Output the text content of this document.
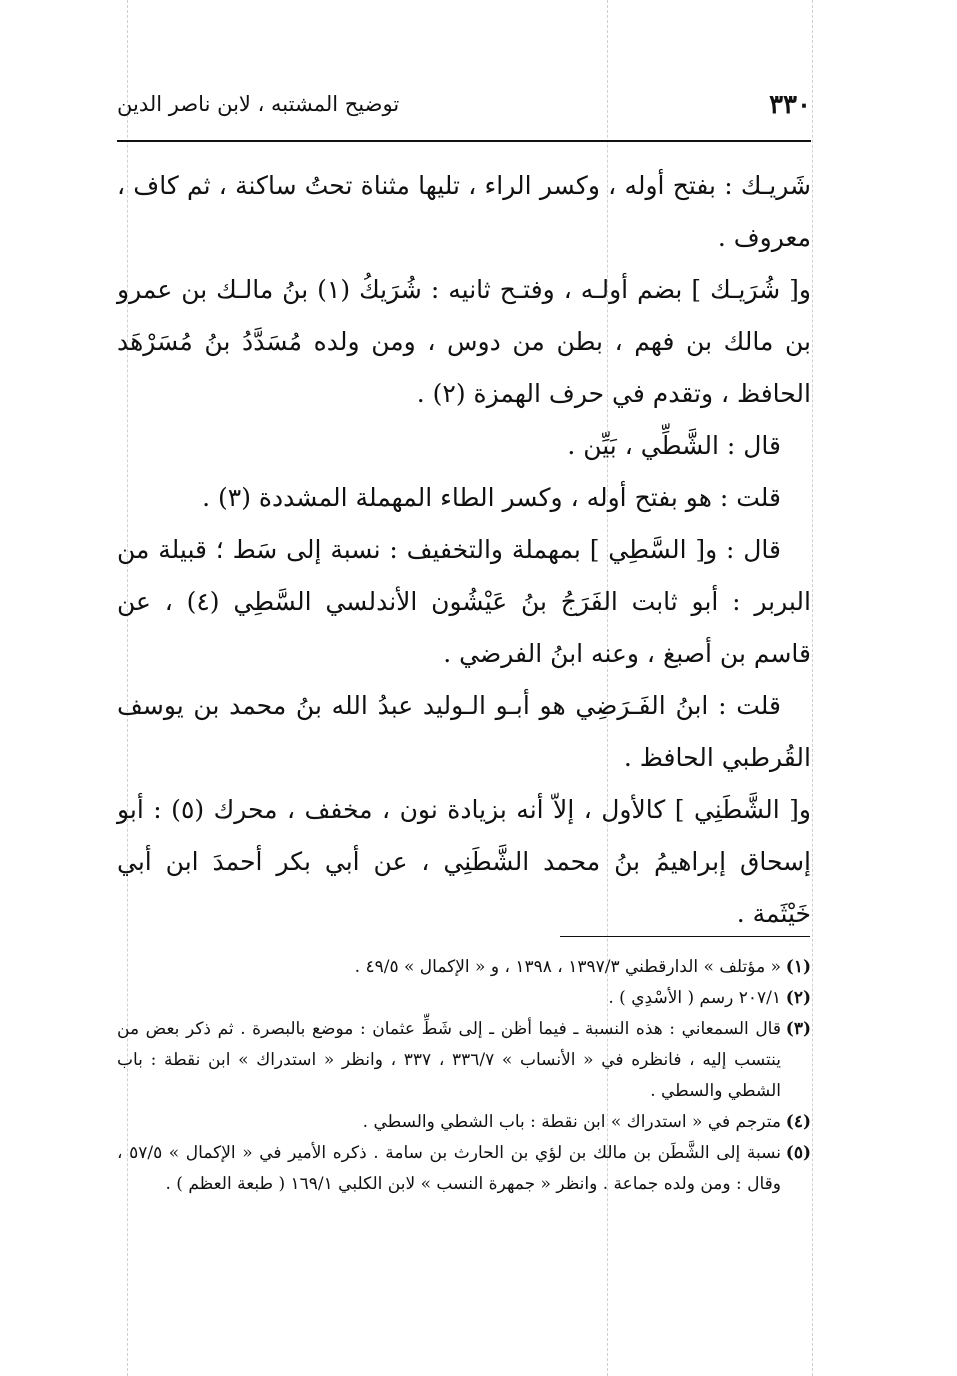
٣٣٠
توضيح المشتبه ، لابن ناصر الدين

شَريـك : بفتح أوله ، وكسر الراء ، تليها مثناة تحتُ ساكنة ، ثم كاف ، معروف .

و[ شُرَيـك ] بضم أولـه ، وفتـح ثانيه : شُرَيكُ (١) بنُ مالـك بن عمرو بن مالك بن فهم ، بطن من دوس ، ومن ولده مُسَدَّدُ بنُ مُسَرْهَد الحافظ ، وتقدم في حرف الهمزة (٢) .

قال : الشَّطِّي ، بَيِّن .

قلت : هو بفتح أوله ، وكسر الطاء المهملة المشددة (٣) .

قال : و[ السَّطِي ] بمهملة والتخفيف : نسبة إلى سَط ؛ قبيلة من البربر : أبو ثابت الفَرَجُ بنُ عَيْشُون الأندلسي السَّطِي (٤) ، عن قاسم بن أصبغ ، وعنه ابنُ الفرضي .

قلت : ابنُ الفَـرَضِي هو أبـو الـوليد عبدُ الله بنُ محمد بن يوسف القُرطبي الحافظ .

و[ الشَّطَنِي ] كالأول ، إلاّ أنه بزيادة نون ، مخفف ، محرك (٥) : أبو إسحاق إبراهيمُ بنُ محمد الشَّطَنِي ، عن أبي بكر أحمدَ ابن أبي خَيْثَمة .

(١)
« مؤتلف » الدارقطني ١٣٩٧/٣ ، ١٣٩٨ ، و « الإكمال » ٤٩/٥ .
(٢)
٢٠٧/١ رسم ( الأسْدِي ) .
(٣)
قال السمعاني : هذه النسبة ـ فيما أظن ـ إلى شَطِّ عثمان : موضع بالبصرة . ثم ذكر بعض من ينتسب إليه ، فانظره في « الأنساب » ٣٣٦/٧ ، ٣٣٧ ، وانظر « استدراك » ابن نقطة : باب الشطي والسطي .
(٤)
مترجم في « استدراك » ابن نقطة : باب الشطي والسطي .
(٥)
نسبة إلى الشَّطَن بن مالك بن لؤي بن الحارث بن سامة . ذكره الأمير في « الإكمال » ٥٧/٥ ، وقال : ومن ولده جماعة . وانظر « جمهرة النسب » لابن الكلبي ١٦٩/١ ( طبعة العظم ) .
